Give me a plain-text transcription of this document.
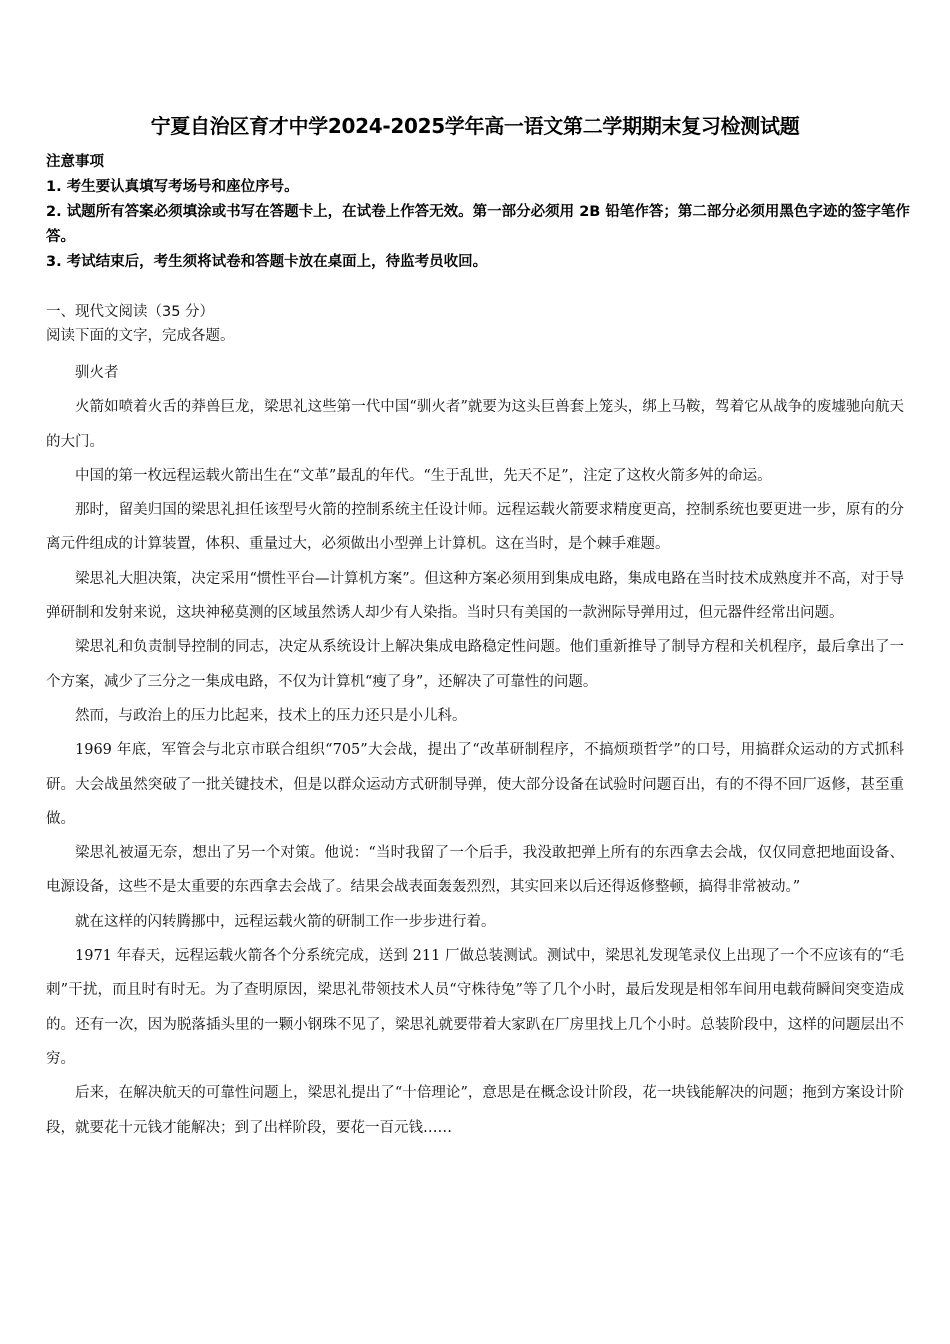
宁夏自治区育才中学2024-2025学年高一语文第二学期期末复习检测试题

注意事项

1. 考生要认真填写考场号和座位序号。

2. 试题所有答案必须填涂或书写在答题卡上，在试卷上作答无效。第一部分必须用 2B 铅笔作答；第二部分必须用黑色字迹的签字笔作答。

3. 考试结束后，考生须将试卷和答题卡放在桌面上，待监考员收回。

一、现代文阅读（35 分）
阅读下面的文字，完成各题。

驯火者

火箭如喷着火舌的莽兽巨龙，梁思礼这些第一代中国“驯火者”就要为这头巨兽套上笼头，绑上马鞍，驾着它从战争的废墟驰向航天的大门。

中国的第一枚远程运载火箭出生在“文革”最乱的年代。“生于乱世，先天不足”，注定了这枚火箭多舛的命运。

那时，留美归国的梁思礼担任该型号火箭的控制系统主任设计师。远程运载火箭要求精度更高，控制系统也要更进一步，原有的分离元件组成的计算装置，体积、重量过大，必须做出小型弹上计算机。这在当时，是个棘手难题。

梁思礼大胆决策，决定采用“惯性平台—计算机方案”。但这种方案必须用到集成电路，集成电路在当时技术成熟度并不高，对于导弹研制和发射来说，这块神秘莫测的区域虽然诱人却少有人染指。当时只有美国的一款洲际导弹用过，但元器件经常出问题。

梁思礼和负责制导控制的同志，决定从系统设计上解决集成电路稳定性问题。他们重新推导了制导方程和关机程序，最后拿出了一个方案，减少了三分之一集成电路，不仅为计算机“瘦了身”，还解决了可靠性的问题。

然而，与政治上的压力比起来，技术上的压力还只是小儿科。

1969 年底，军管会与北京市联合组织“705”大会战，提出了“改革研制程序，不搞烦琐哲学”的口号，用搞群众运动的方式抓科研。大会战虽然突破了一批关键技术，但是以群众运动方式研制导弹，使大部分设备在试验时问题百出，有的不得不回厂返修，甚至重做。

梁思礼被逼无奈，想出了另一个对策。他说：“当时我留了一个后手，我没敢把弹上所有的东西拿去会战，仅仅同意把地面设备、电源设备，这些不是太重要的东西拿去会战了。结果会战表面轰轰烈烈，其实回来以后还得返修整顿，搞得非常被动。”

就在这样的闪转腾挪中，远程运载火箭的研制工作一步步进行着。

1971 年春天，远程运载火箭各个分系统完成，送到 211 厂做总装测试。测试中，梁思礼发现笔录仪上出现了一个不应该有的“毛刺”干扰，而且时有时无。为了查明原因，梁思礼带领技术人员“守株待兔”等了几个小时，最后发现是相邻车间用电载荷瞬间突变造成的。还有一次，因为脱落插头里的一颗小钢珠不见了，梁思礼就要带着大家趴在厂房里找上几个小时。总装阶段中，这样的问题层出不穷。

后来，在解决航天的可靠性问题上，梁思礼提出了“十倍理论”，意思是在概念设计阶段，花一块钱能解决的问题；拖到方案设计阶段，就要花十元钱才能解决；到了出样阶段，要花一百元钱……
